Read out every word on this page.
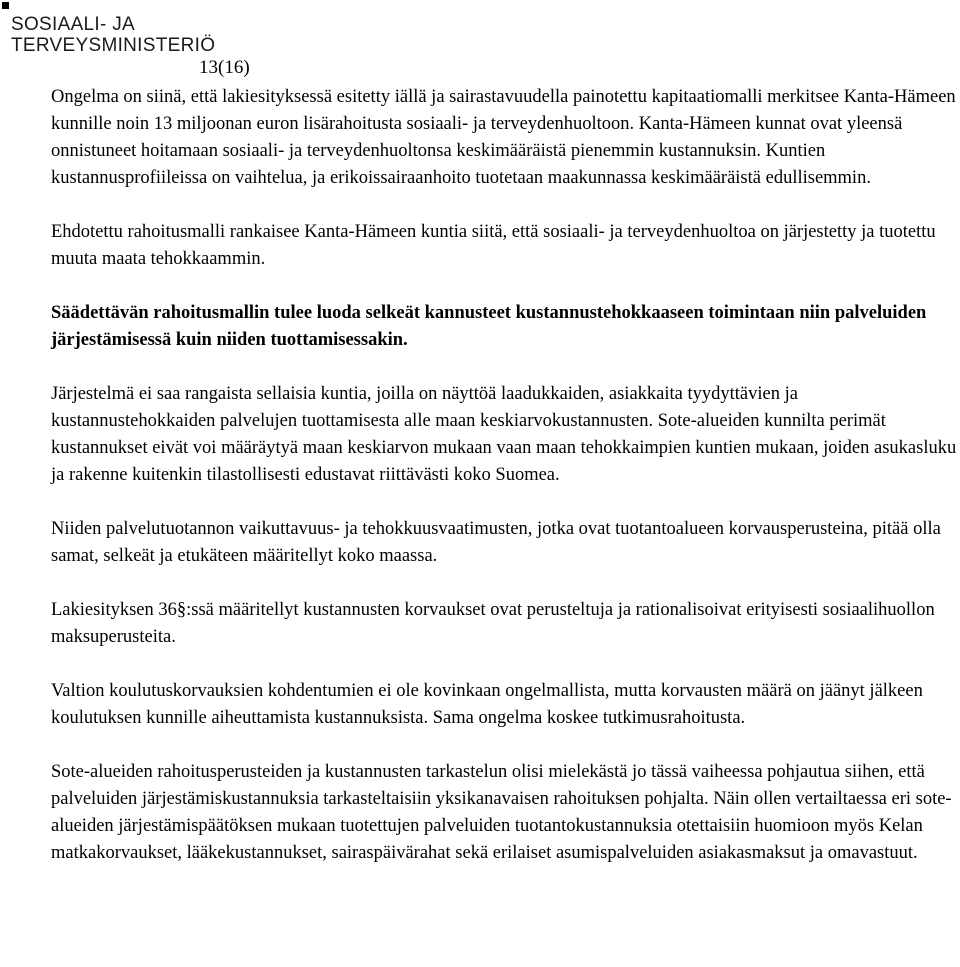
SOSIAALI- JA
TERVEYSMINISTERIÖ
13(16)

Ongelma on siinä, että lakiesityksessä esitetty iällä ja sairastavuudella painotettu kapitaatiomalli merkitsee Kanta-Hämeen kunnille noin 13 miljoonan euron lisärahoitusta sosiaali- ja terveydenhuoltoon. Kanta-Hämeen kunnat ovat yleensä onnistuneet hoitamaan sosiaali- ja terveydenhuoltonsa keskimääräistä pienemmin kustannuksin. Kuntien kustannusprofiileissa on vaihtelua, ja erikoissairaanhoito tuotetaan maakunnassa keskimääräistä edullisemmin.

Ehdotettu rahoitusmalli rankaisee Kanta-Hämeen kuntia siitä, että sosiaali- ja terveydenhuoltoa on järjestetty ja tuotettu muuta maata tehokkaammin.

Säädettävän rahoitusmallin tulee luoda selkeät kannusteet kustannustehokkaaseen toimintaan niin palveluiden järjestämisessä kuin niiden tuottamisessakin.

Järjestelmä ei saa rangaista sellaisia kuntia, joilla on näyttöä laadukkaiden, asiakkaita tyydyttävien ja kustannustehokkaiden palvelujen tuottamisesta alle maan keskiarvokustannusten. Sote-alueiden kunnilta perimät kustannukset eivät voi määräytyä maan keskiarvon mukaan vaan maan tehokkaimpien kuntien mukaan, joiden asukasluku ja rakenne kuitenkin tilastollisesti edustavat riittävästi koko Suomea.

Niiden palvelutuotannon vaikuttavuus- ja tehokkuusvaatimusten, jotka ovat tuotantoalueen korvausperusteina, pitää olla samat, selkeät ja etukäteen määritellyt koko maassa.

Lakiesityksen 36§:ssä määritellyt kustannusten korvaukset ovat perusteltuja ja rationalisoivat erityisesti sosiaalihuollon maksuperusteita.

Valtion koulutuskorvauksien kohdentumien ei ole kovinkaan ongelmallista, mutta korvausten määrä on jäänyt jälkeen koulutuksen kunnille aiheuttamista kustannuksista. Sama ongelma koskee tutkimusrahoitusta.

Sote-alueiden rahoitusperusteiden ja kustannusten tarkastelun olisi mielekästä jo tässä vaiheessa pohjautua siihen, että palveluiden järjestämiskustannuksia tarkasteltaisiin yksikanavaisen rahoituksen pohjalta. Näin ollen vertailtaessa eri sote-alueiden järjestämispäätöksen mukaan tuotettujen palveluiden tuotantokustannuksia otettaisiin huomioon myös Kelan matkakorvaukset, lääkekustannukset, sairaspäivärahat sekä erilaiset asumispalveluiden asiakasmaksut ja omavastuut.
